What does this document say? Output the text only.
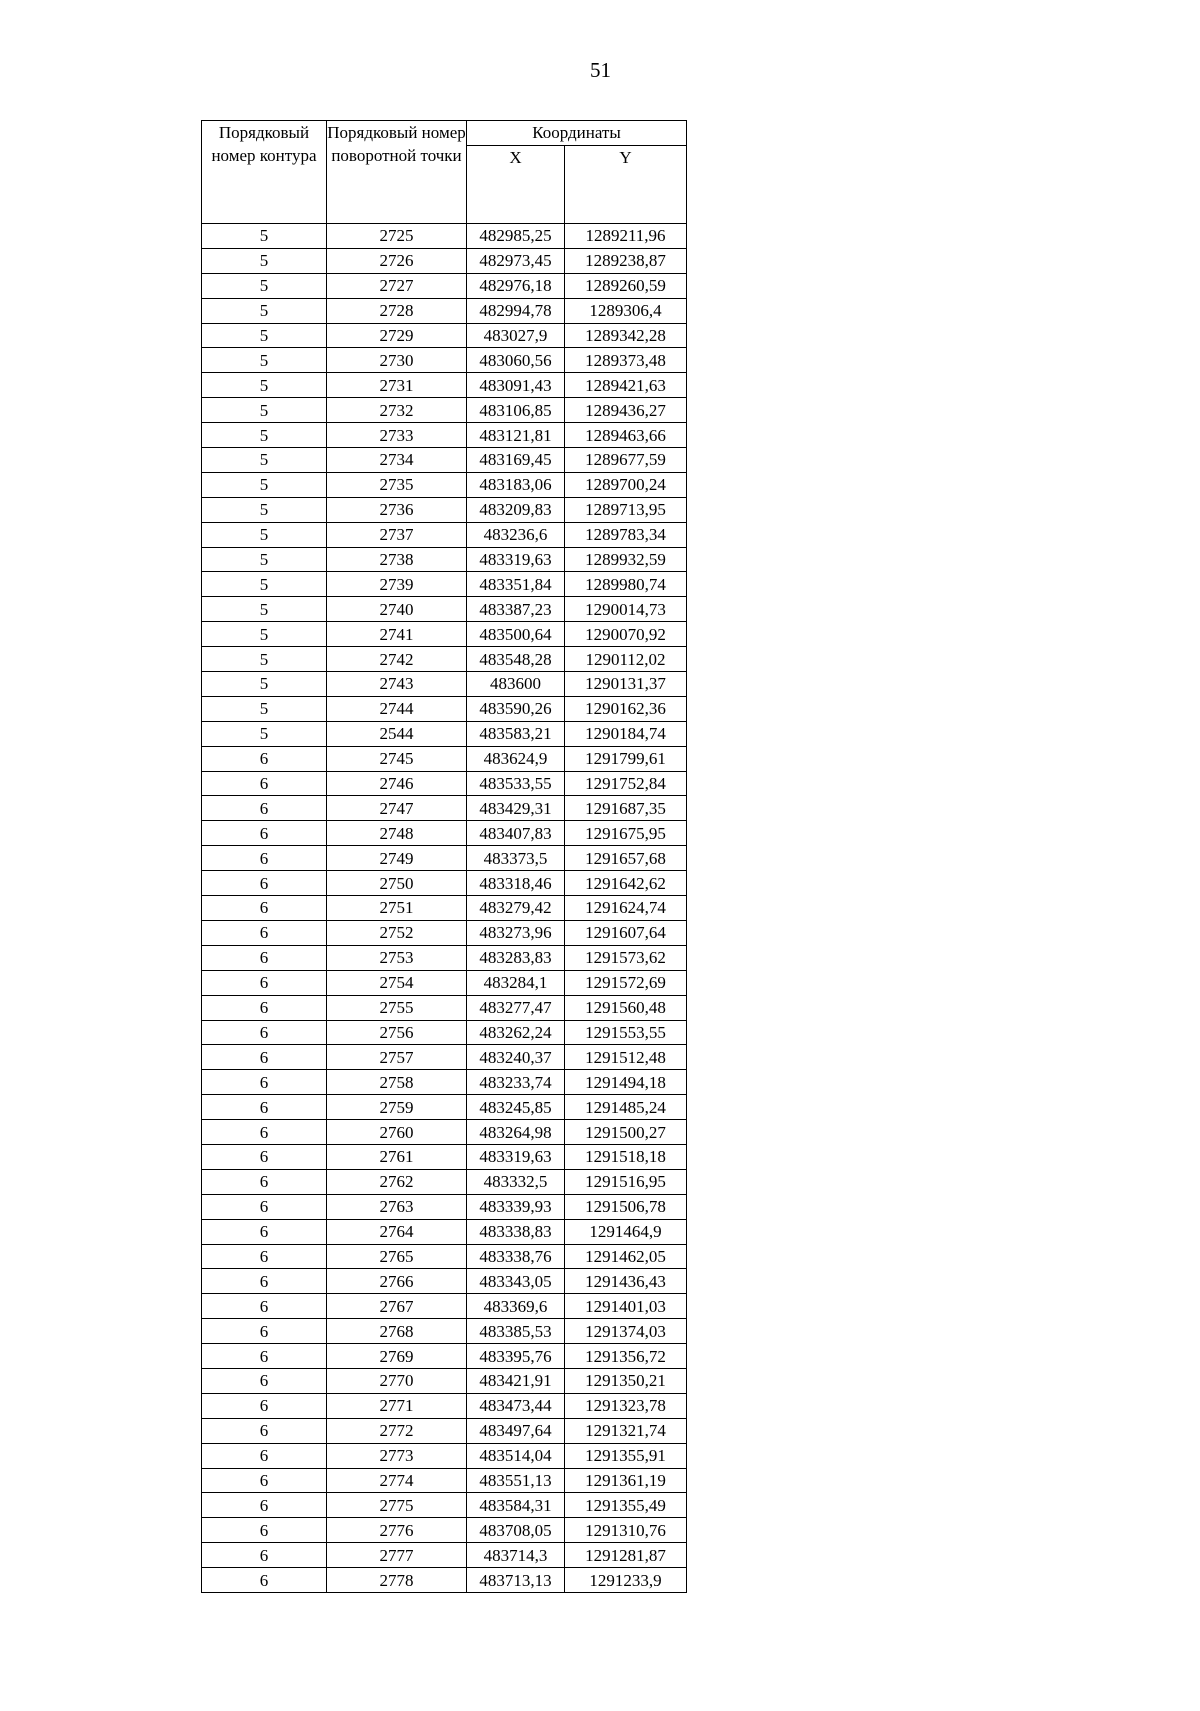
51
Порядковый номер контура	Порядковый номер поворотной точки	Координаты	
		X	Y
5	2725	482985,25	1289211,96
5	2726	482973,45	1289238,87
5	2727	482976,18	1289260,59
5	2728	482994,78	1289306,4
5	2729	483027,9	1289342,28
5	2730	483060,56	1289373,48
5	2731	483091,43	1289421,63
5	2732	483106,85	1289436,27
5	2733	483121,81	1289463,66
5	2734	483169,45	1289677,59
5	2735	483183,06	1289700,24
5	2736	483209,83	1289713,95
5	2737	483236,6	1289783,34
5	2738	483319,63	1289932,59
5	2739	483351,84	1289980,74
5	2740	483387,23	1290014,73
5	2741	483500,64	1290070,92
5	2742	483548,28	1290112,02
5	2743	483600	1290131,37
5	2744	483590,26	1290162,36
5	2544	483583,21	1290184,74
6	2745	483624,9	1291799,61
6	2746	483533,55	1291752,84
6	2747	483429,31	1291687,35
6	2748	483407,83	1291675,95
6	2749	483373,5	1291657,68
6	2750	483318,46	1291642,62
6	2751	483279,42	1291624,74
6	2752	483273,96	1291607,64
6	2753	483283,83	1291573,62
6	2754	483284,1	1291572,69
6	2755	483277,47	1291560,48
6	2756	483262,24	1291553,55
6	2757	483240,37	1291512,48
6	2758	483233,74	1291494,18
6	2759	483245,85	1291485,24
6	2760	483264,98	1291500,27
6	2761	483319,63	1291518,18
6	2762	483332,5	1291516,95
6	2763	483339,93	1291506,78
6	2764	483338,83	1291464,9
6	2765	483338,76	1291462,05
6	2766	483343,05	1291436,43
6	2767	483369,6	1291401,03
6	2768	483385,53	1291374,03
6	2769	483395,76	1291356,72
6	2770	483421,91	1291350,21
6	2771	483473,44	1291323,78
6	2772	483497,64	1291321,74
6	2773	483514,04	1291355,91
6	2774	483551,13	1291361,19
6	2775	483584,31	1291355,49
6	2776	483708,05	1291310,76
6	2777	483714,3	1291281,87
6	2778	483713,13	1291233,9
